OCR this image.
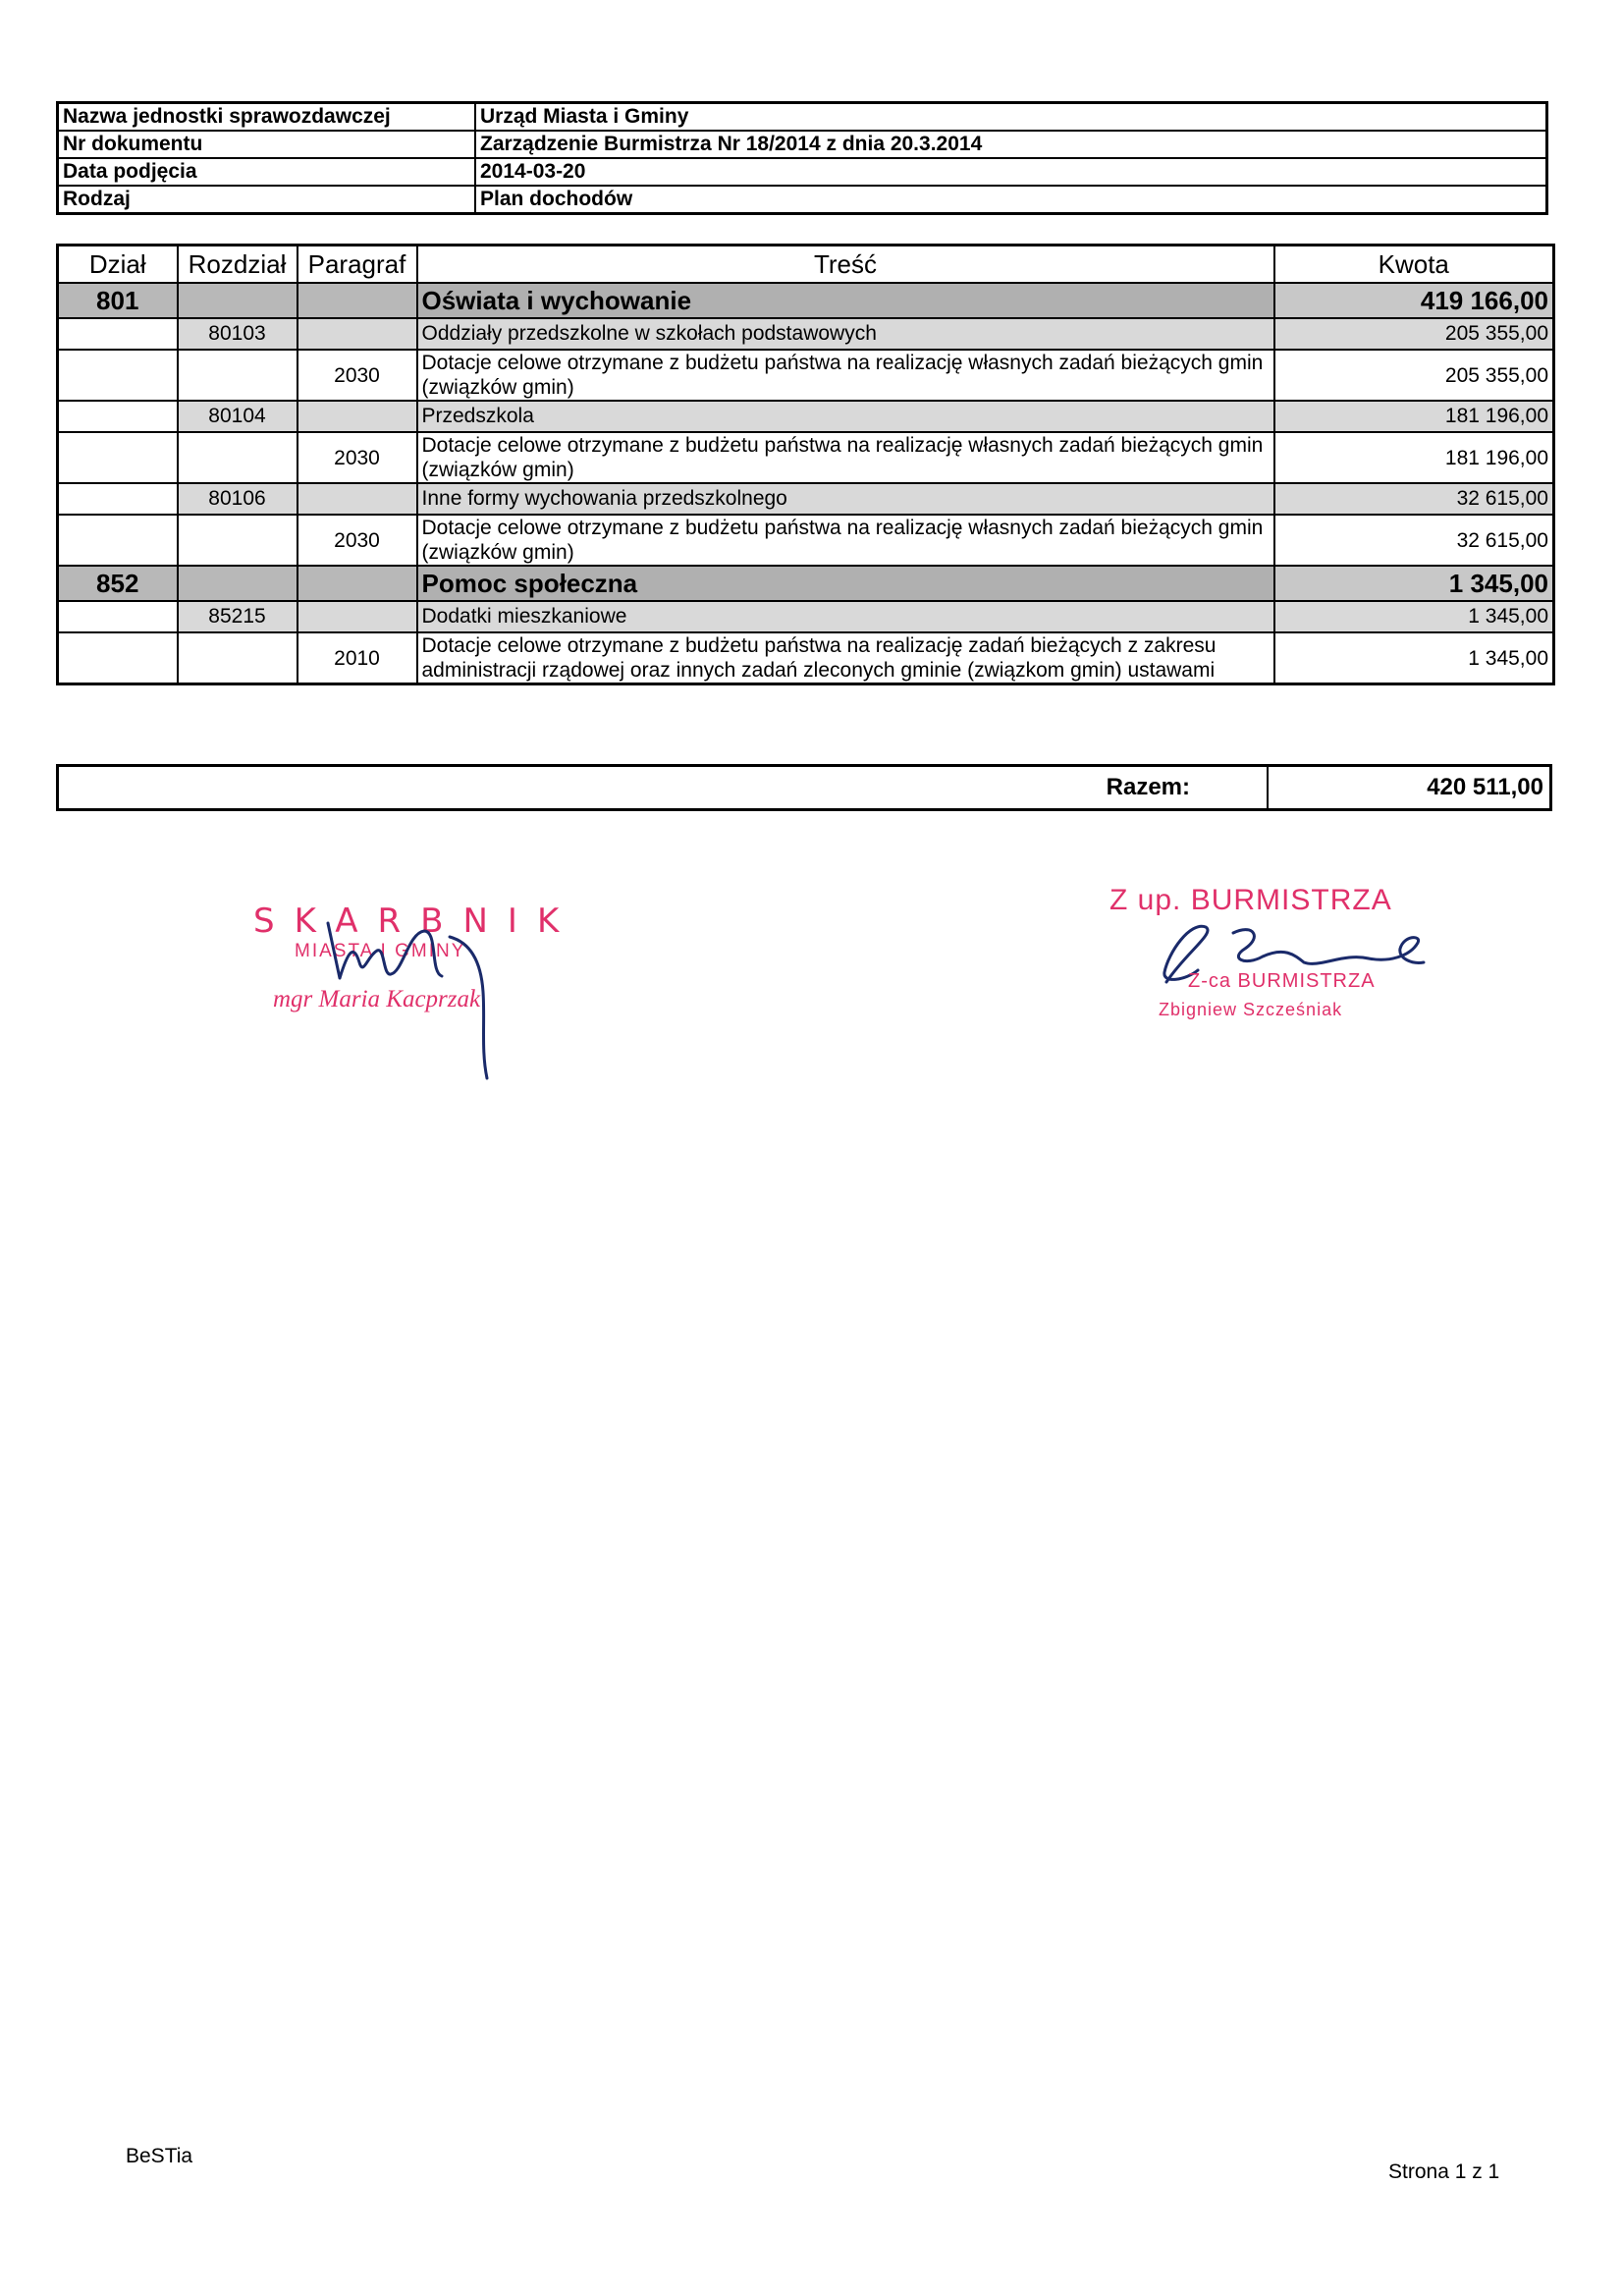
Nazwa jednostki sprawozdawczej	Urząd Miasta i Gminy
Nr dokumentu	Zarządzenie Burmistrza Nr 18/2014 z dnia 20.3.2014
Data podjęcia	2014-03-20
Rodzaj	Plan dochodów
Dział	Rozdział	Paragraf	Treść	Kwota
801			Oświata i wychowanie	419 166,00
	80103		Oddziały przedszkolne w szkołach podstawowych	205 355,00
		2030	Dotacje celowe otrzymane z budżetu państwa na realizację własnych zadań bieżących gmin (związków gmin)	205 355,00
	80104		Przedszkola	181 196,00
		2030	Dotacje celowe otrzymane z budżetu państwa na realizację własnych zadań bieżących gmin (związków gmin)	181 196,00
	80106		Inne formy wychowania przedszkolnego	32 615,00
		2030	Dotacje celowe otrzymane z budżetu państwa na realizację własnych zadań bieżących gmin (związków gmin)	32 615,00
852			Pomoc społeczna	1 345,00
	85215		Dodatki mieszkaniowe	1 345,00
		2010	Dotacje celowe otrzymane z budżetu państwa na realizację zadań bieżących z zakresu administracji rządowej oraz innych zadań zleconych gminie (związkom gmin) ustawami	1 345,00
Razem:	420 511,00
SKARBNIK
MIASTA I GMINY
mgr Maria Kacprzak
Z up. BURMISTRZA
Z-ca BURMISTRZA
Zbigniew Szcześniak
BeSTia
Strona 1 z 1
